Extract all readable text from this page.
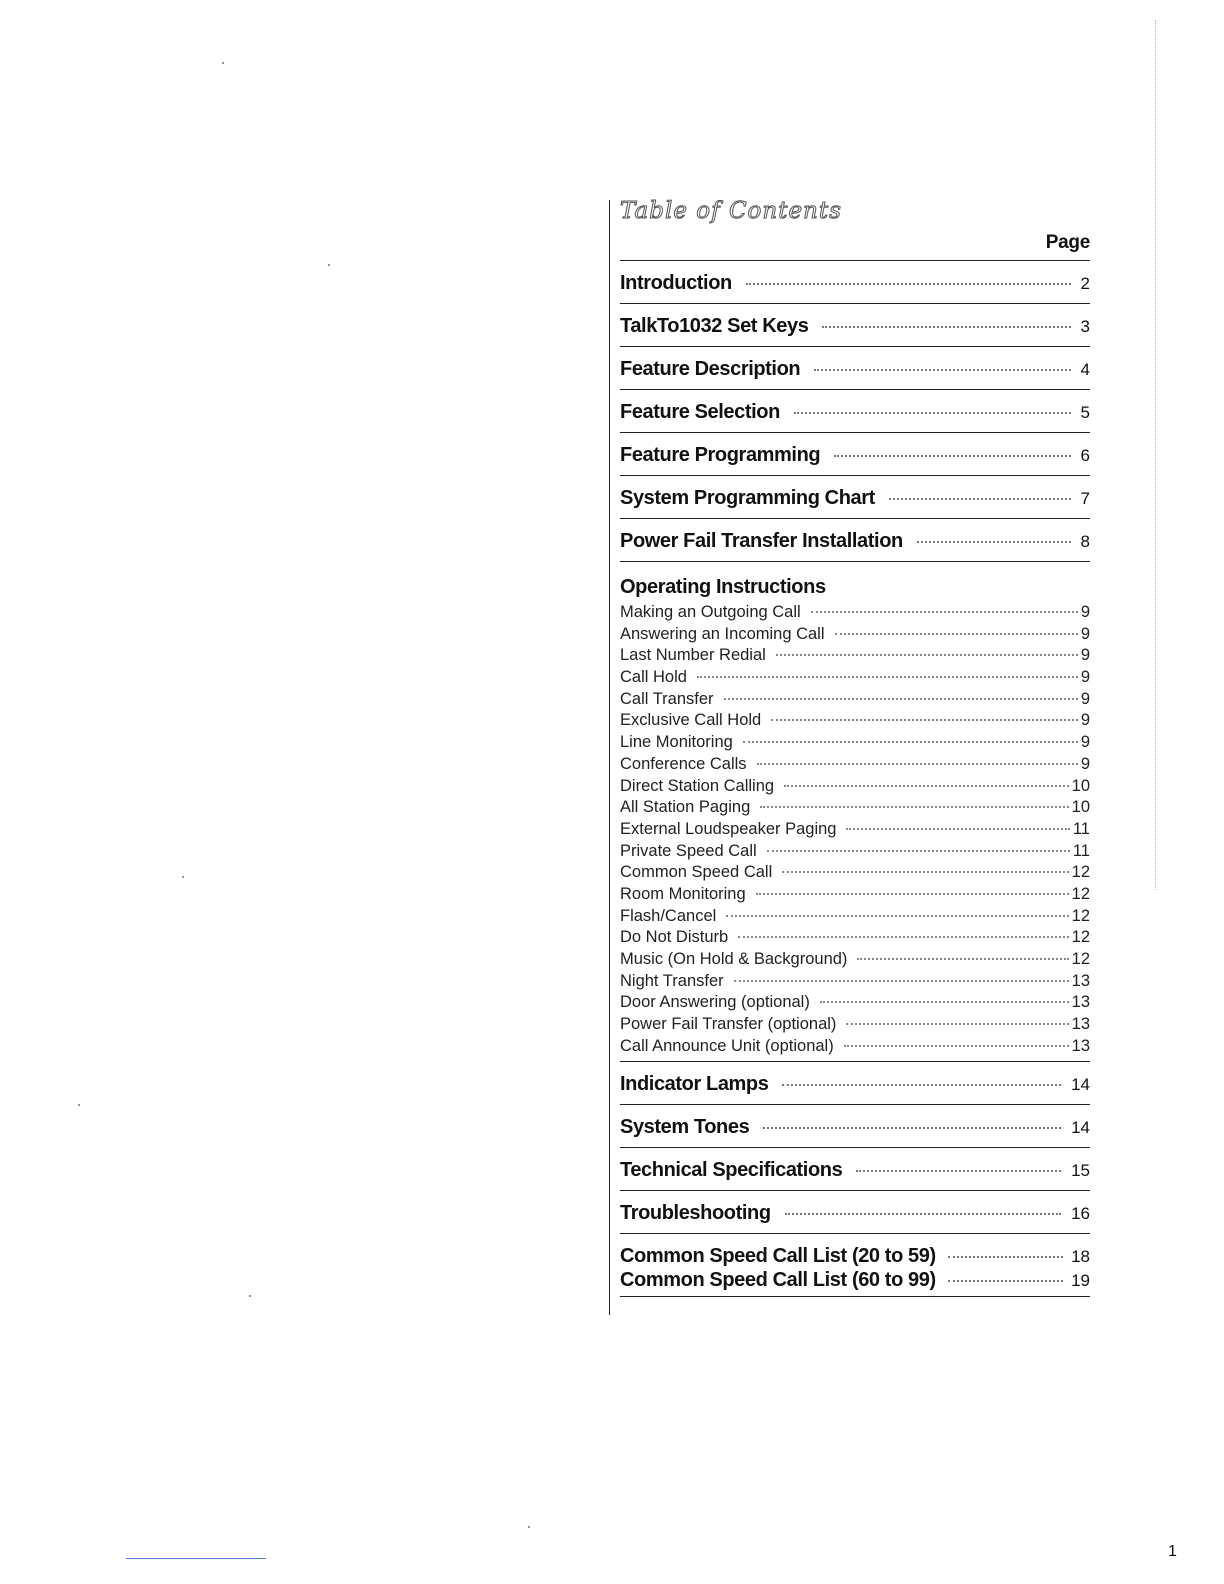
Table of Contents
Page
Introduction	2
TalkTo1032 Set Keys	3
Feature Description	4
Feature Selection	5
Feature Programming	6
System Programming Chart	7
Power Fail Transfer Installation	8
Operating Instructions
Making an Outgoing Call	9
Answering an Incoming Call	9
Last Number Redial	9
Call Hold	9
Call Transfer	9
Exclusive Call Hold	9
Line Monitoring	9
Conference Calls	9
Direct Station Calling	10
All Station Paging	10
External Loudspeaker Paging	11
Private Speed Call	11
Common Speed Call	12
Room Monitoring	12
Flash/Cancel	12
Do Not Disturb	12
Music (On Hold & Background)	12
Night Transfer	13
Door Answering (optional)	13
Power Fail Transfer (optional)	13
Call Announce Unit (optional)	13
Indicator Lamps	14
System Tones	14
Technical Specifications	15
Troubleshooting	16
Common Speed Call List (20 to 59)	18
Common Speed Call List (60 to 99)	19
1
